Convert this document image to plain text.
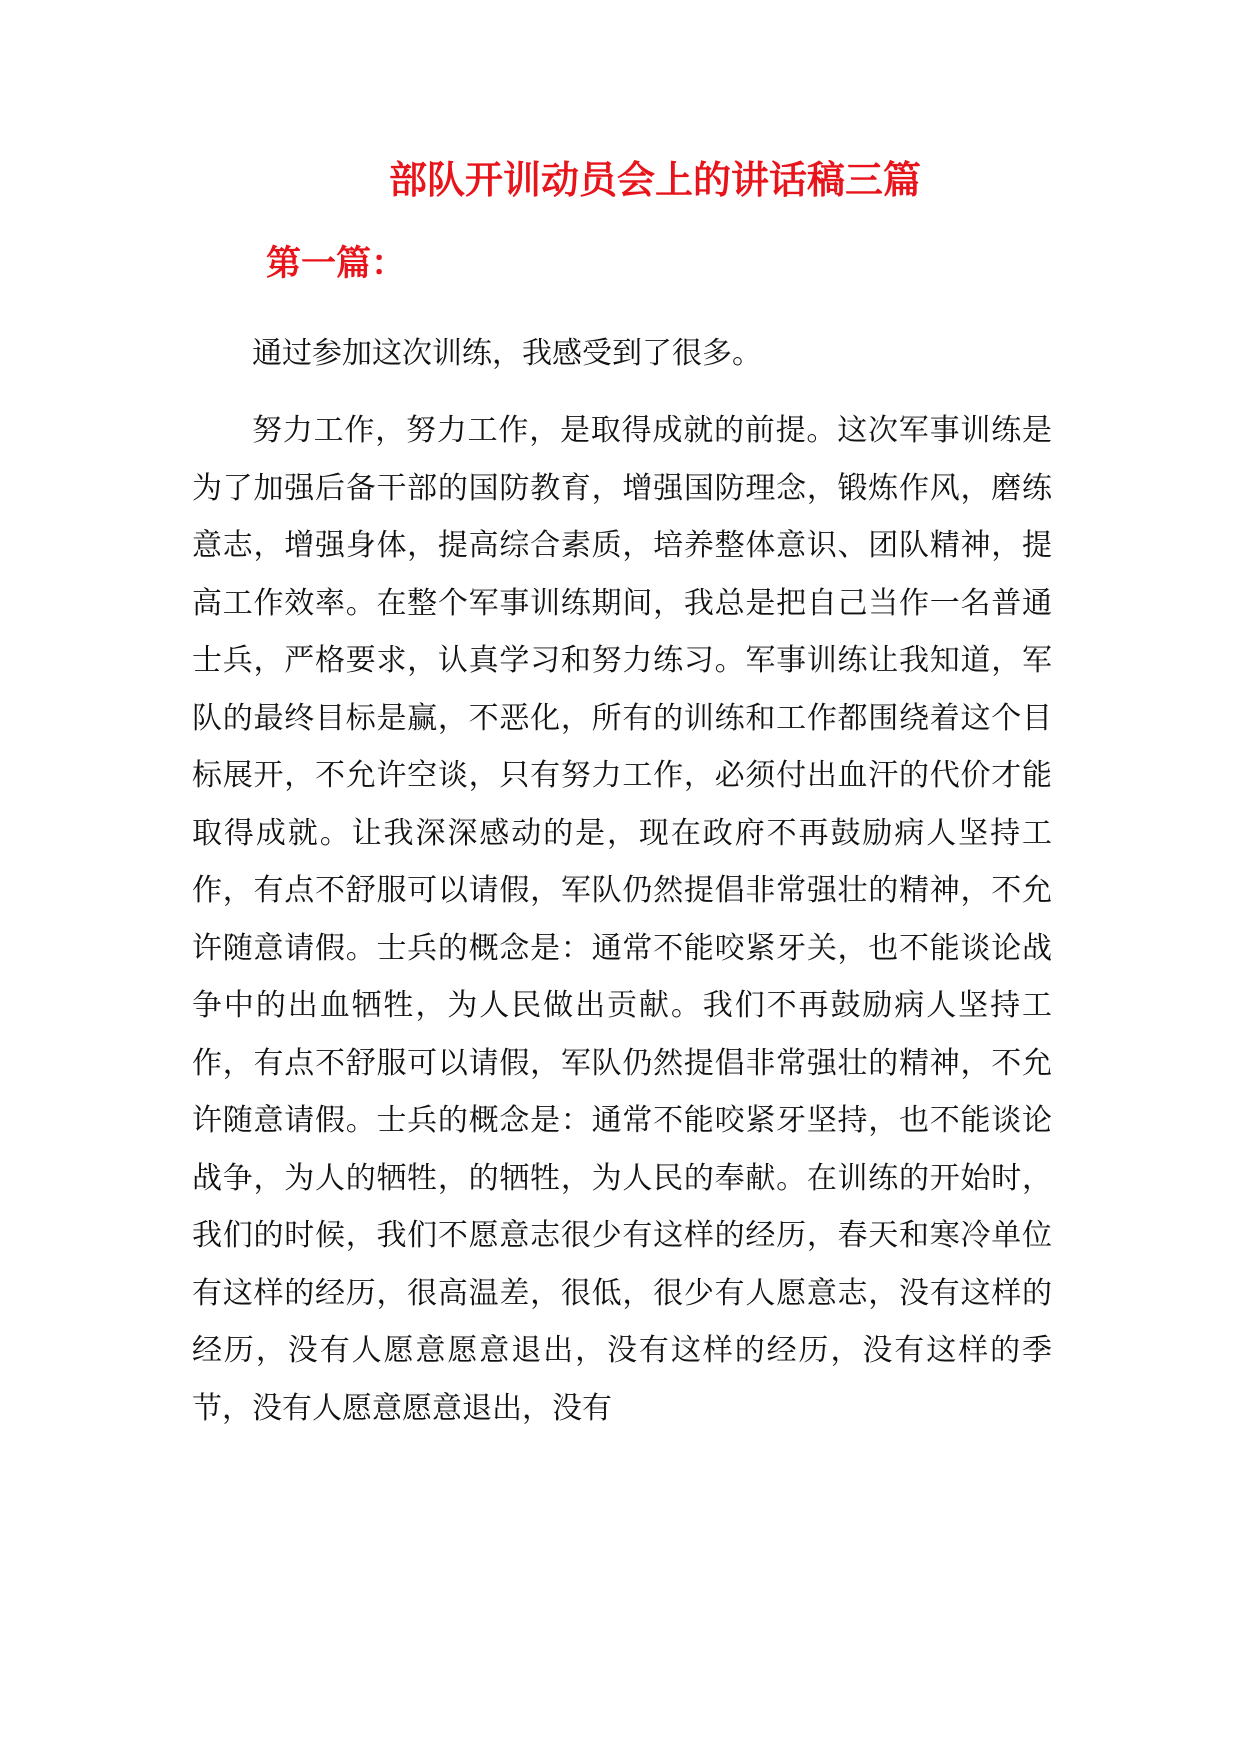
部队开训动员会上的讲话稿三篇
第一篇：

通过参加这次训练，我感受到了很多。

努力工作，努力工作，是取得成就的前提。这次军事训练是为了加强后备干部的国防教育，增强国防理念，锻炼作风，磨练意志，增强身体，提高综合素质，培养整体意识、团队精神，提高工作效率。在整个军事训练期间，我总是把自己当作一名普通士兵，严格要求，认真学习和努力练习。军事训练让我知道，军队的最终目标是赢，不恶化，所有的训练和工作都围绕着这个目标展开，不允许空谈，只有努力工作，必须付出血汗的代价才能取得成就。让我深深感动的是，现在政府不再鼓励病人坚持工作，有点不舒服可以请假，军队仍然提倡非常强壮的精神，不允许随意请假。士兵的概念是：通常不能咬紧牙关，也不能谈论战争中的出血牺牲，为人民做出贡献。我们不再鼓励病人坚持工作，有点不舒服可以请假，军队仍然提倡非常强壮的精神，不允许随意请假。士兵的概念是：通常不能咬紧牙坚持，也不能谈论战争，为人的牺牲，的牺牲，为人民的奉献。在训练的开始时，我们的时候，我们不愿意志很少有这样的经历，春天和寒冷单位有这样的经历，很高温差，很低，很少有人愿意志，没有这样的经历，没有人愿意愿意退出，没有这样的经历，没有这样的季节，没有人愿意愿意退出，没有
